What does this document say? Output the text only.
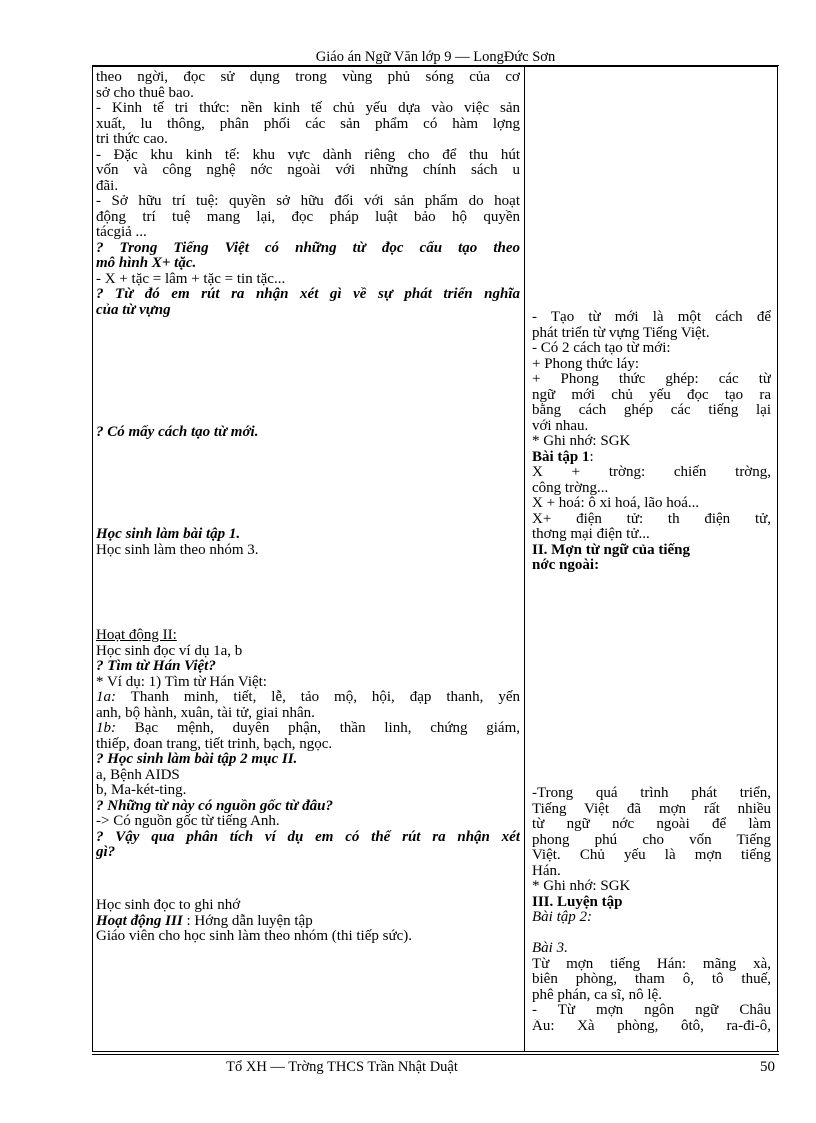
Giáo án Ngữ Văn lớp 9 — LongĐức Sơn
theo ngời, đọc sử dụng trong vùng phủ sóng của cơ
sở cho thuê bao.
- Kinh tế tri thức: nền kinh tế chủ yếu dựa vào việc sản
xuất, lu thông, phân phối các sản phẩm có hàm lợng
tri thức cao.
- Đặc khu kinh tế: khu vực dành riêng cho để thu hút
vốn và công nghệ nớc ngoài với những chính sách u
đãi.
- Sở hữu trí tuệ: quyền sở hữu đối với sản phẩm do hoạt
động trí tuệ mang lại, đọc pháp luật bảo hộ quyền
tácgiả ...
? Trong Tiếng Việt có những từ đọc cấu tạo theo
mô hình X+ tặc.
- X + tặc = lâm + tặc = tin tặc...
? Từ đó em rút ra nhận xét gì về sự phát triển nghĩa
của từ vựng
? Có mấy cách tạo từ mới.
Học sinh làm bài tập 1.
Học sinh làm theo nhóm 3.
Hoạt động II:
Học sinh đọc ví dụ 1a, b
? Tìm từ Hán Việt?
* Ví dụ: 1) Tìm từ Hán Việt:
1a: Thanh minh, tiết, lễ, tảo mộ, hội, đạp thanh, yến
anh, bộ hành, xuân, tài tử, giai nhân.
1b: Bạc mệnh, duyên phận, thần linh, chứng giám,
thiếp, đoan trang, tiết trinh, bạch, ngọc.
? Học sinh làm bài tập 2 mục II.
a, Bệnh AIDS
b, Ma-két-ting.
? Những từ này có nguồn gốc từ đâu?
-> Có nguồn gốc từ tiếng Anh.
? Vậy qua phân tích ví dụ em có thể rút ra nhận xét
gì?
Học sinh đọc to ghi nhớ
Hoạt động III : Hớng dẫn luyện tập
Giáo viên cho học sinh làm theo nhóm (thi tiếp sức).
- Tạo từ mới là một cách để
phát triển từ vựng Tiếng Việt.
- Có 2 cách tạo từ mới:
+ Phong thức láy:
+ Phong thức ghép: các từ
ngữ mới chủ yếu đọc tạo ra
bằng cách ghép các tiếng lại
với nhau.
* Ghi nhớ: SGK
Bài tập 1:
X + trờng: chiến trờng,
công trờng...
X + hoá: ô xi hoá, lão hoá...
X+ điện tử: th điện tử,
thơng mại điện tử...
II. Mợn từ ngữ của tiếng
nớc ngoài:
-Trong quá trình phát triển,
Tiếng Việt đã mợn rất nhiều
từ ngữ nớc ngoài để làm
phong phú cho vốn Tiếng
Việt. Chủ yếu là mợn tiếng
Hán.
* Ghi nhớ: SGK
III. Luyện tập
Bài tập 2:
Bài 3.
Từ mợn tiếng Hán: mãng xà,
biên phòng, tham ô, tô thuế,
phê phán, ca sĩ, nô lệ.
- Từ mợn ngôn ngữ Châu
Âu: Xà phòng, ôtô, ra-đi-ô,
Tổ XH — Trờng THCS Trần Nhật Duật	50
